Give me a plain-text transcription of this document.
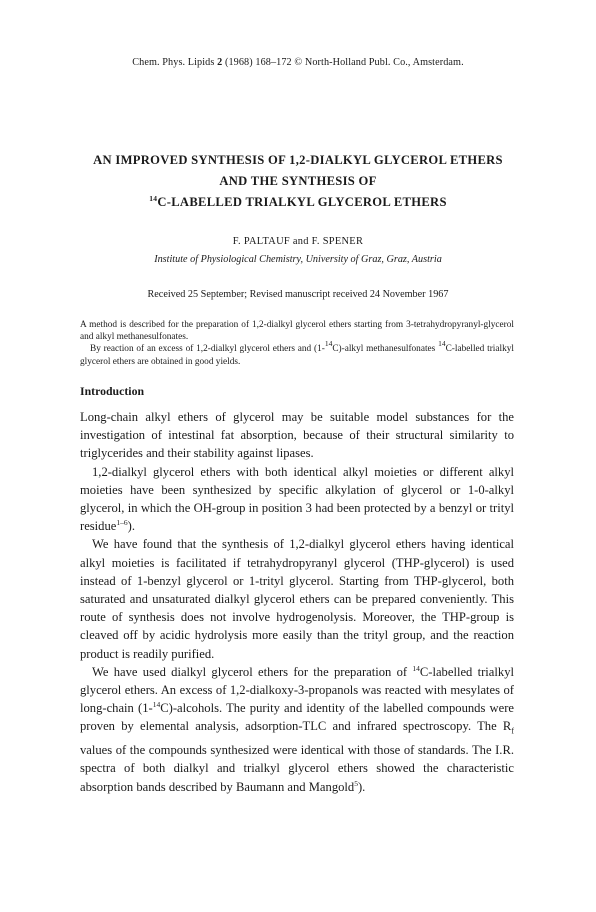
Chem. Phys. Lipids 2 (1968) 168–172 © North-Holland Publ. Co., Amsterdam.
AN IMPROVED SYNTHESIS OF 1,2-DIALKYL GLYCEROL ETHERS
AND THE SYNTHESIS OF
$^{14}$C-LABELLED TRIALKYL GLYCEROL ETHERS
F. PALTAUF and F. SPENER
Institute of Physiological Chemistry, University of Graz, Graz, Austria
Received 25 September; Revised manuscript received 24 November 1967

A method is described for the preparation of 1,2-dialkyl glycerol ethers starting from 3-tetrahydropyranyl-glycerol and alkyl methanesulfonates.

By reaction of an excess of 1,2-dialkyl glycerol ethers and (1-$^{14}$C)-alkyl methanesulfonates $^{14}$C-labelled trialkyl glycerol ethers are obtained in good yields.

Introduction

Long-chain alkyl ethers of glycerol may be suitable model substances for the investigation of intestinal fat absorption, because of their structural similarity to triglycerides and their stability against lipases.

1,2-dialkyl glycerol ethers with both identical alkyl moieties or different alkyl moieties have been synthesized by specific alkylation of glycerol or 1-0-alkyl glycerol, in which the OH-group in position 3 had been protected by a benzyl or trityl residue$^{1-6}$).

We have found that the synthesis of 1,2-dialkyl glycerol ethers having identical alkyl moieties is facilitated if tetrahydropyranyl glycerol (THP-glycerol) is used instead of 1-benzyl glycerol or 1-trityl glycerol. Starting from THP-glycerol, both saturated and unsaturated dialkyl glycerol ethers can be prepared conveniently. This route of synthesis does not involve hydrogenolysis. Moreover, the THP-group is cleaved off by acidic hydrolysis more easily than the trityl group, and the reaction product is readily purified.

We have used dialkyl glycerol ethers for the preparation of $^{14}$C-labelled trialkyl glycerol ethers. An excess of 1,2-dialkoxy-3-propanols was reacted with mesylates of long-chain (1-$^{14}$C)-alcohols. The purity and identity of the labelled compounds were proven by elemental analysis, adsorption-TLC and infrared spectroscopy. The $R_f$ values of the compounds synthesized were identical with those of standards. The I.R. spectra of both dialkyl and trialkyl glycerol ethers showed the characteristic absorption bands described by Baumann and Mangold$^5$).
